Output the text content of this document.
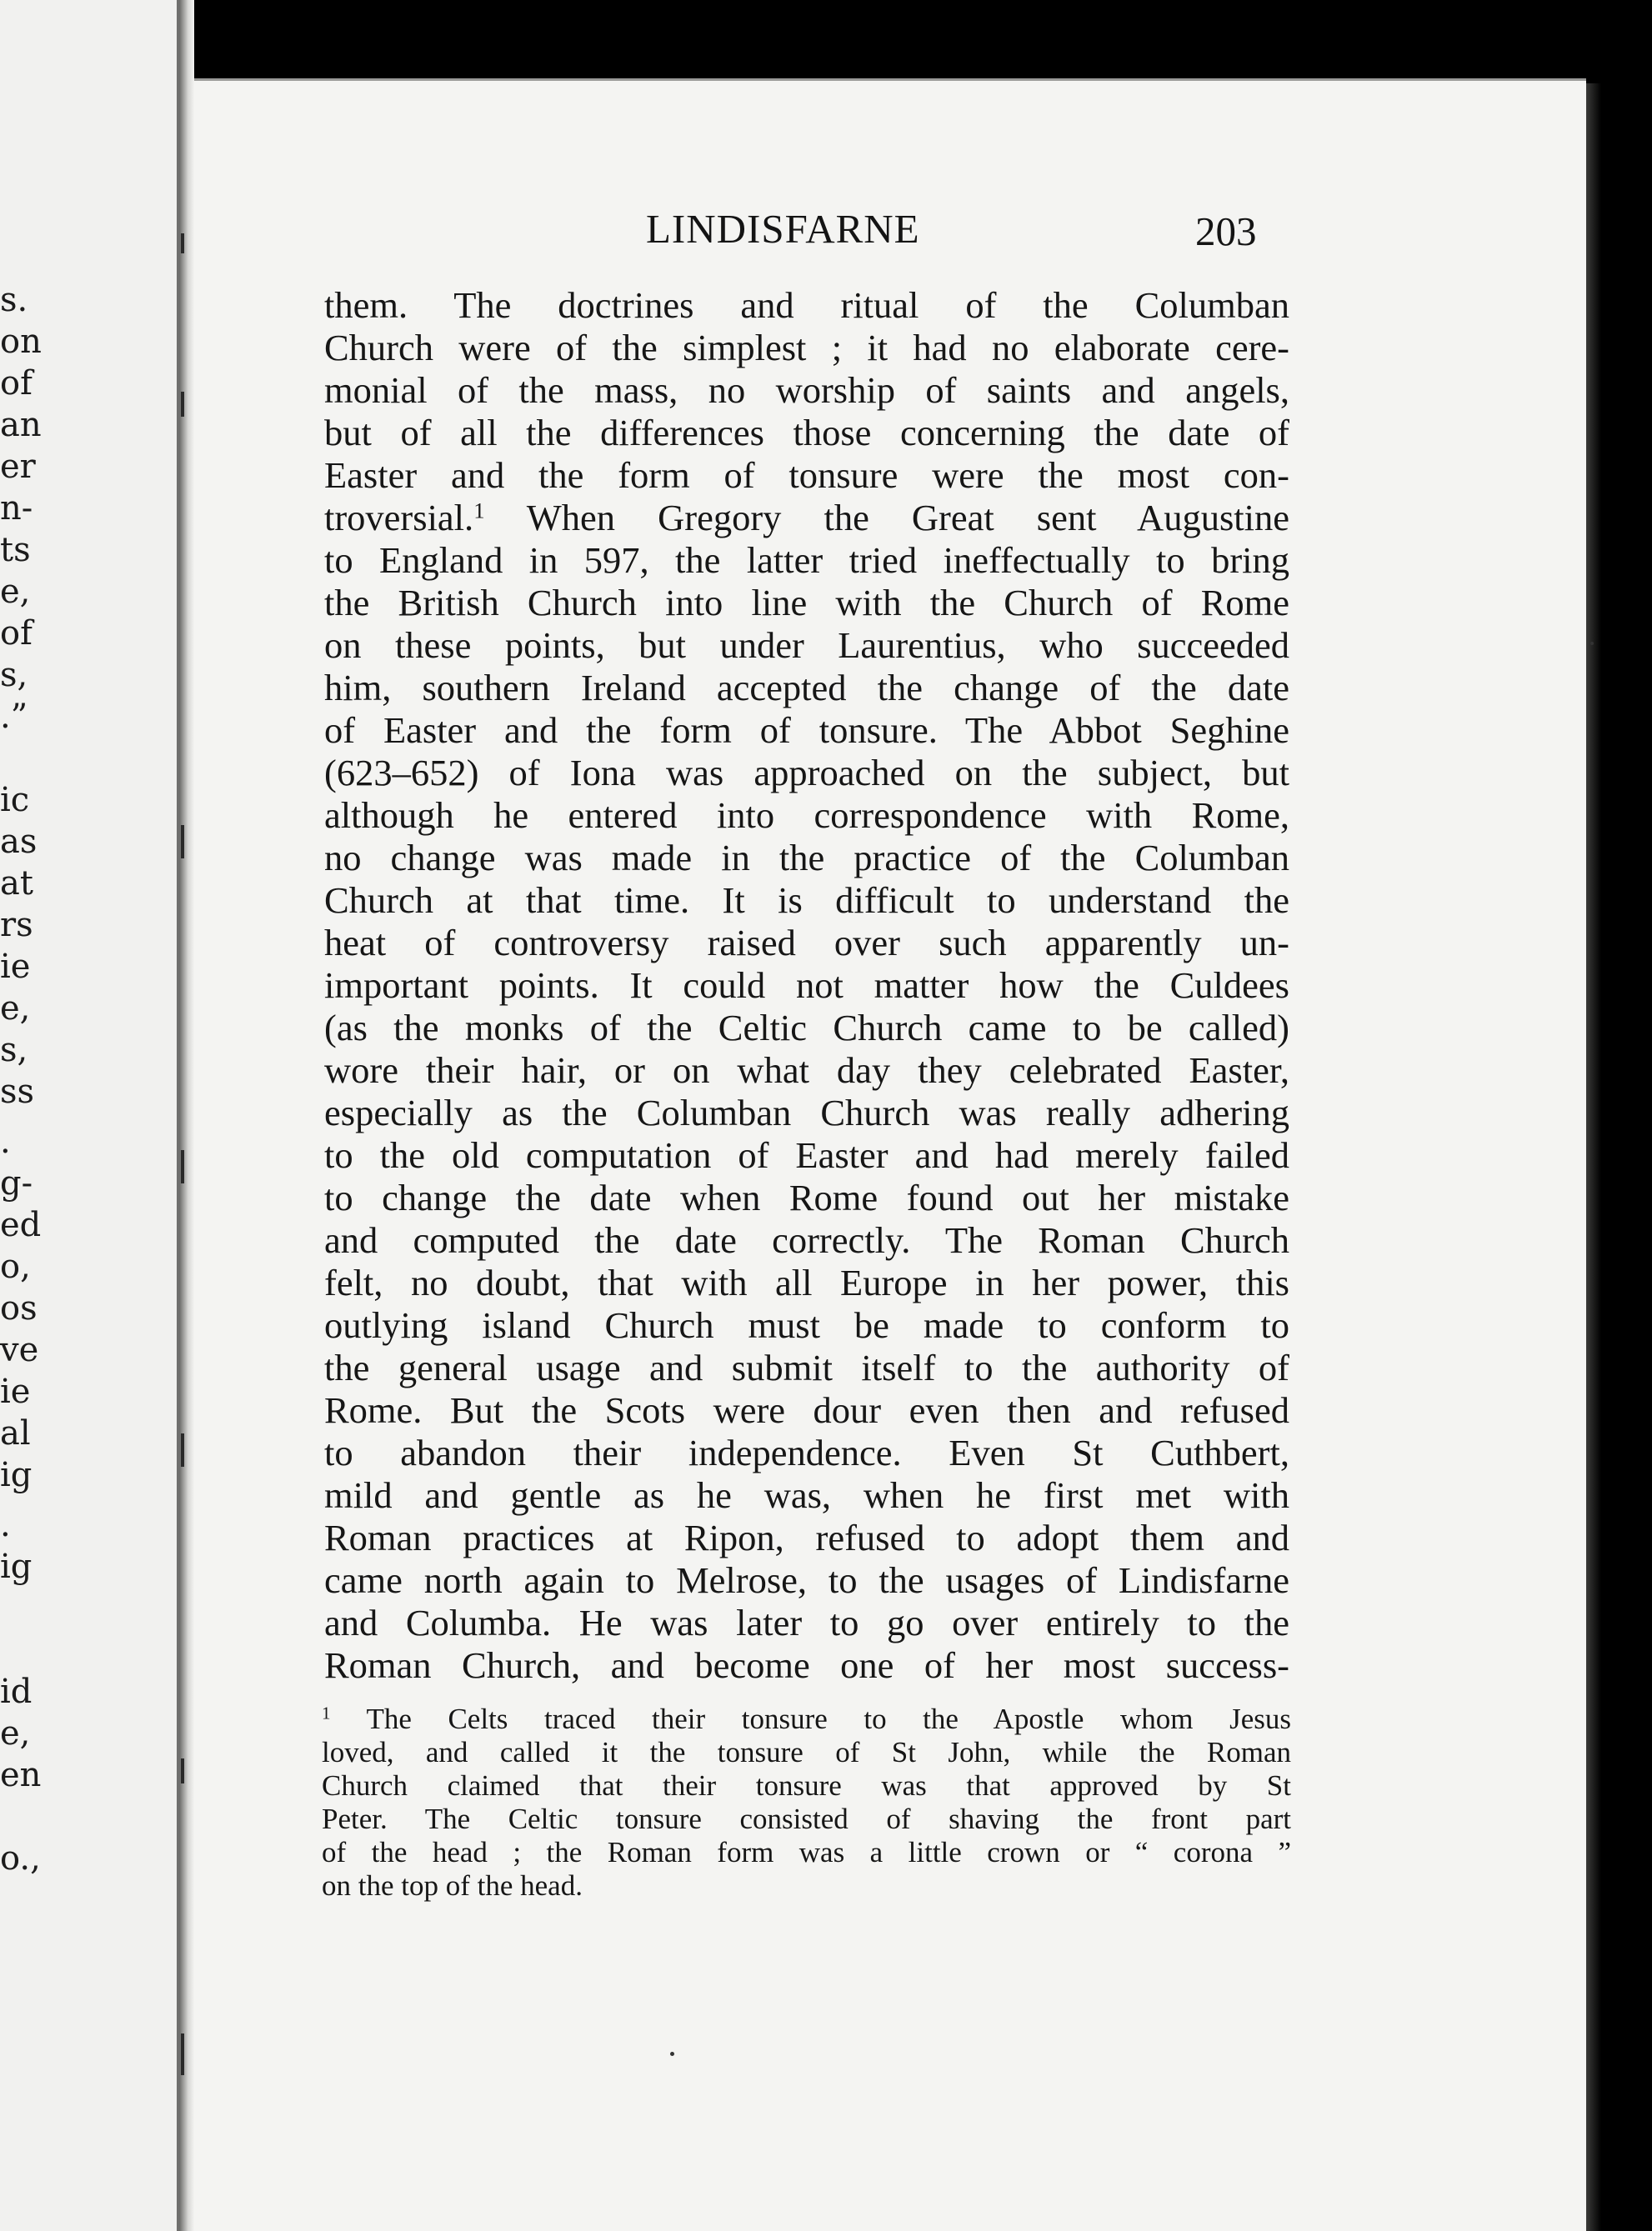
s.
on
of
an
er
n-
ts
e,
of
s,
.”
ic
as
at
rs
ie
e,
s,
ss
.
g-
ed
o,
os
ve
ie
al
ig
.
ig
id
e,
en
o.,
LINDISFARNE	203
them. The doctrines and ritual of the Columban
Church were of the simplest ; it had no elaborate cere-
monial of the mass, no worship of saints and angels,
but of all the differences those concerning the date of
Easter and the form of tonsure were the most con-
troversial.$^1$ When Gregory the Great sent Augustine
to England in 597, the latter tried ineffectually to bring
the British Church into line with the Church of Rome
on these points, but under Laurentius, who succeeded
him, southern Ireland accepted the change of the date
of Easter and the form of tonsure. The Abbot Seghine
(623–652) of Iona was approached on the subject, but
although he entered into correspondence with Rome,
no change was made in the practice of the Columban
Church at that time. It is difficult to understand the
heat of controversy raised over such apparently un-
important points. It could not matter how the Culdees
(as the monks of the Celtic Church came to be called)
wore their hair, or on what day they celebrated Easter,
especially as the Columban Church was really adhering
to the old computation of Easter and had merely failed
to change the date when Rome found out her mistake
and computed the date correctly. The Roman Church
felt, no doubt, that with all Europe in her power, this
outlying island Church must be made to conform to
the general usage and submit itself to the authority of
Rome. But the Scots were dour even then and refused
to abandon their independence. Even St Cuthbert,
mild and gentle as he was, when he first met with
Roman practices at Ripon, refused to adopt them and
came north again to Melrose, to the usages of Lindisfarne
and Columba. He was later to go over entirely to the
Roman Church, and become one of her most success-
$^1$ The Celts traced their tonsure to the Apostle whom Jesus
loved, and called it the tonsure of St John, while the Roman
Church claimed that their tonsure was that approved by St
Peter. The Celtic tonsure consisted of shaving the front part
of the head ; the Roman form was a little crown or “ corona ”
on the top of the head.
